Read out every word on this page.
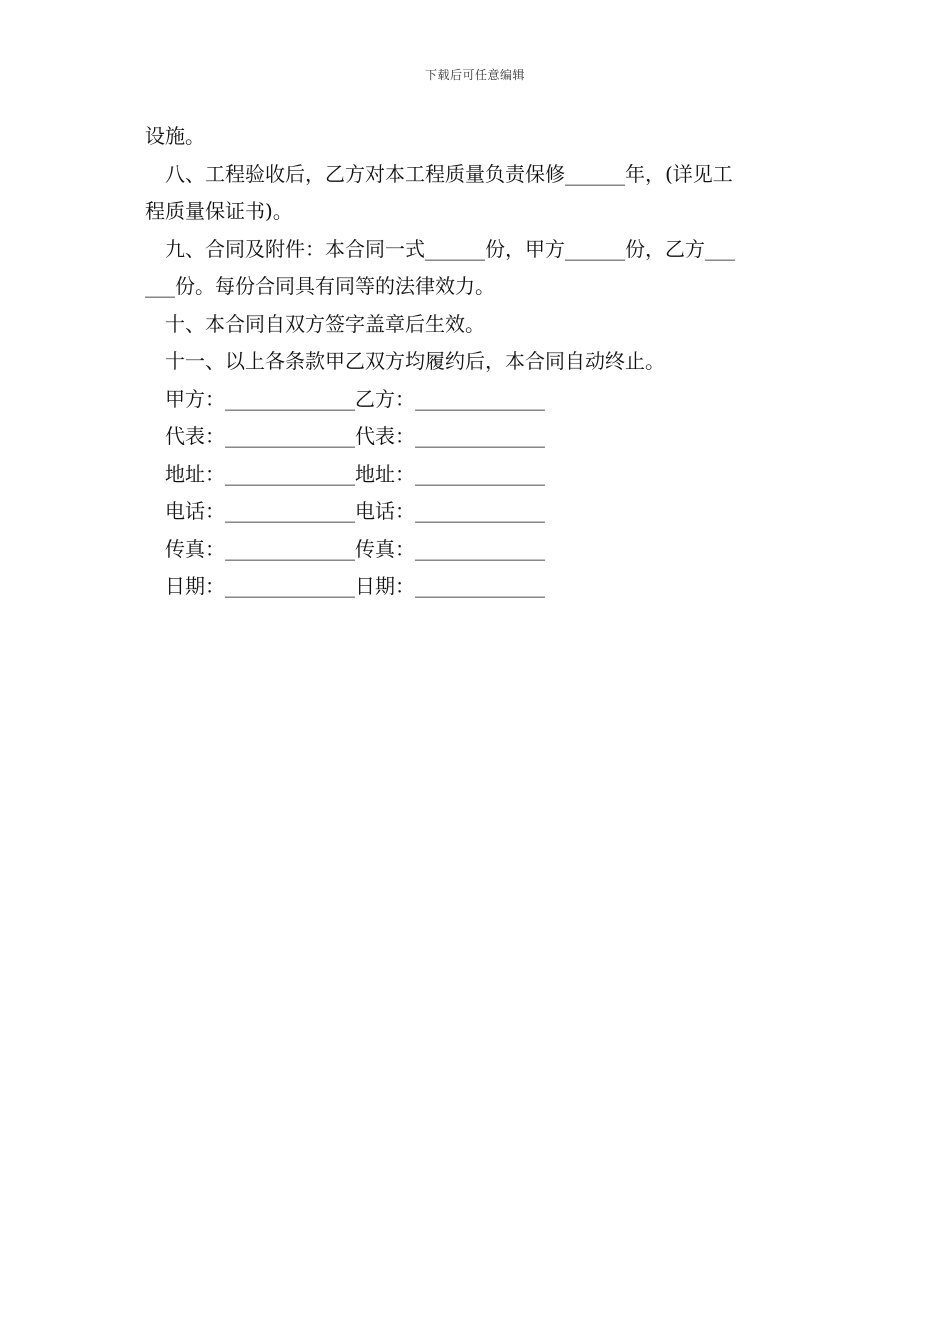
下载后可任意编辑
设施。
八、工程验收后，乙方对本工程质量负责保修______年，(详见工
程质量保证书)。
九、合同及附件：本合同一式______份，甲方______份，乙方___
___份。每份合同具有同等的法律效力。
十、本合同自双方签字盖章后生效。
十一、以上各条款甲乙双方均履约后，本合同自动终止。
甲方：_____________乙方：_____________
代表：_____________代表：_____________
地址：_____________地址：_____________
电话：_____________电话：_____________
传真：_____________传真：_____________
日期：_____________日期：_____________
